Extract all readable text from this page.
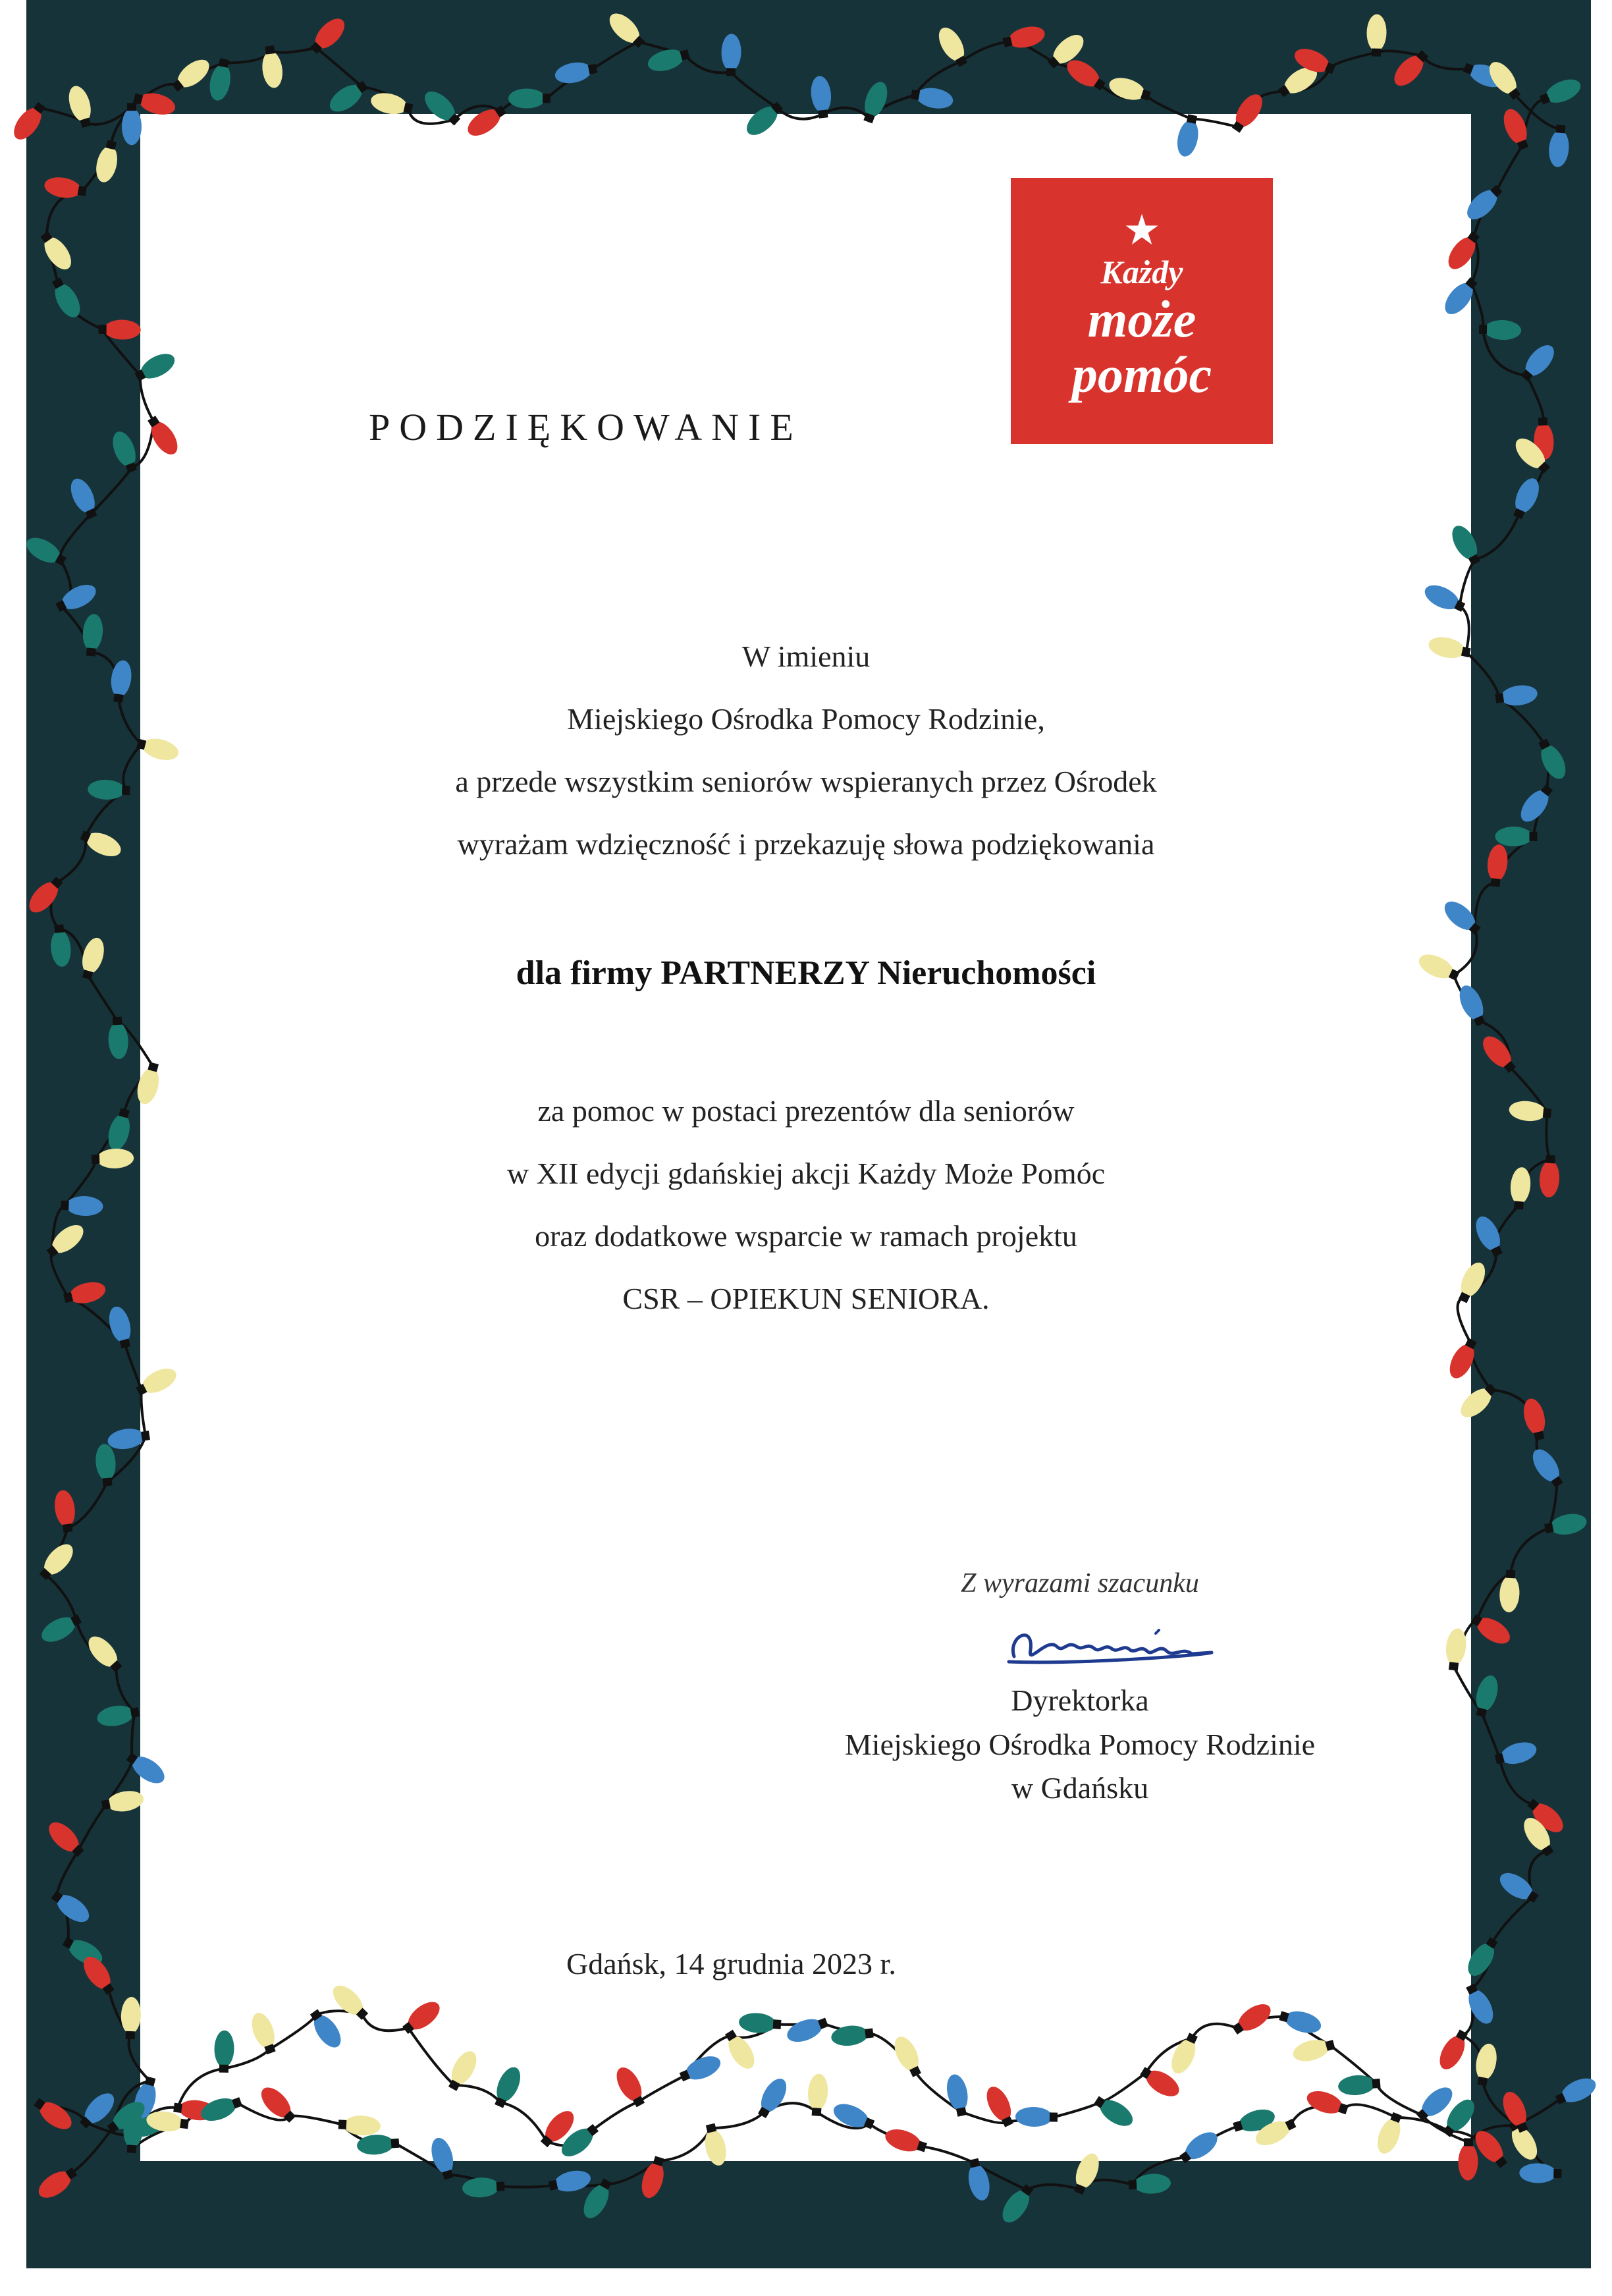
★
Każdy
może
pomóc
PODZIĘKOWANIE
W imieniu
Miejskiego Ośrodka Pomocy Rodzinie,
a przede wszystkim seniorów wspieranych przez Ośrodek
wyrażam wdzięczność i przekazuję słowa podziękowania
dla firmy PARTNERZY Nieruchomości
za pomoc w postaci prezentów dla seniorów
w XII edycji gdańskiej akcji Każdy Może Pomóc
oraz dodatkowe wsparcie w ramach projektu
CSR – OPIEKUN SENIORA.
Z wyrazami szacunku
Dyrektorka
Miejskiego Ośrodka Pomocy Rodzinie
w Gdańsku
Gdańsk, 14 grudnia 2023 r.
